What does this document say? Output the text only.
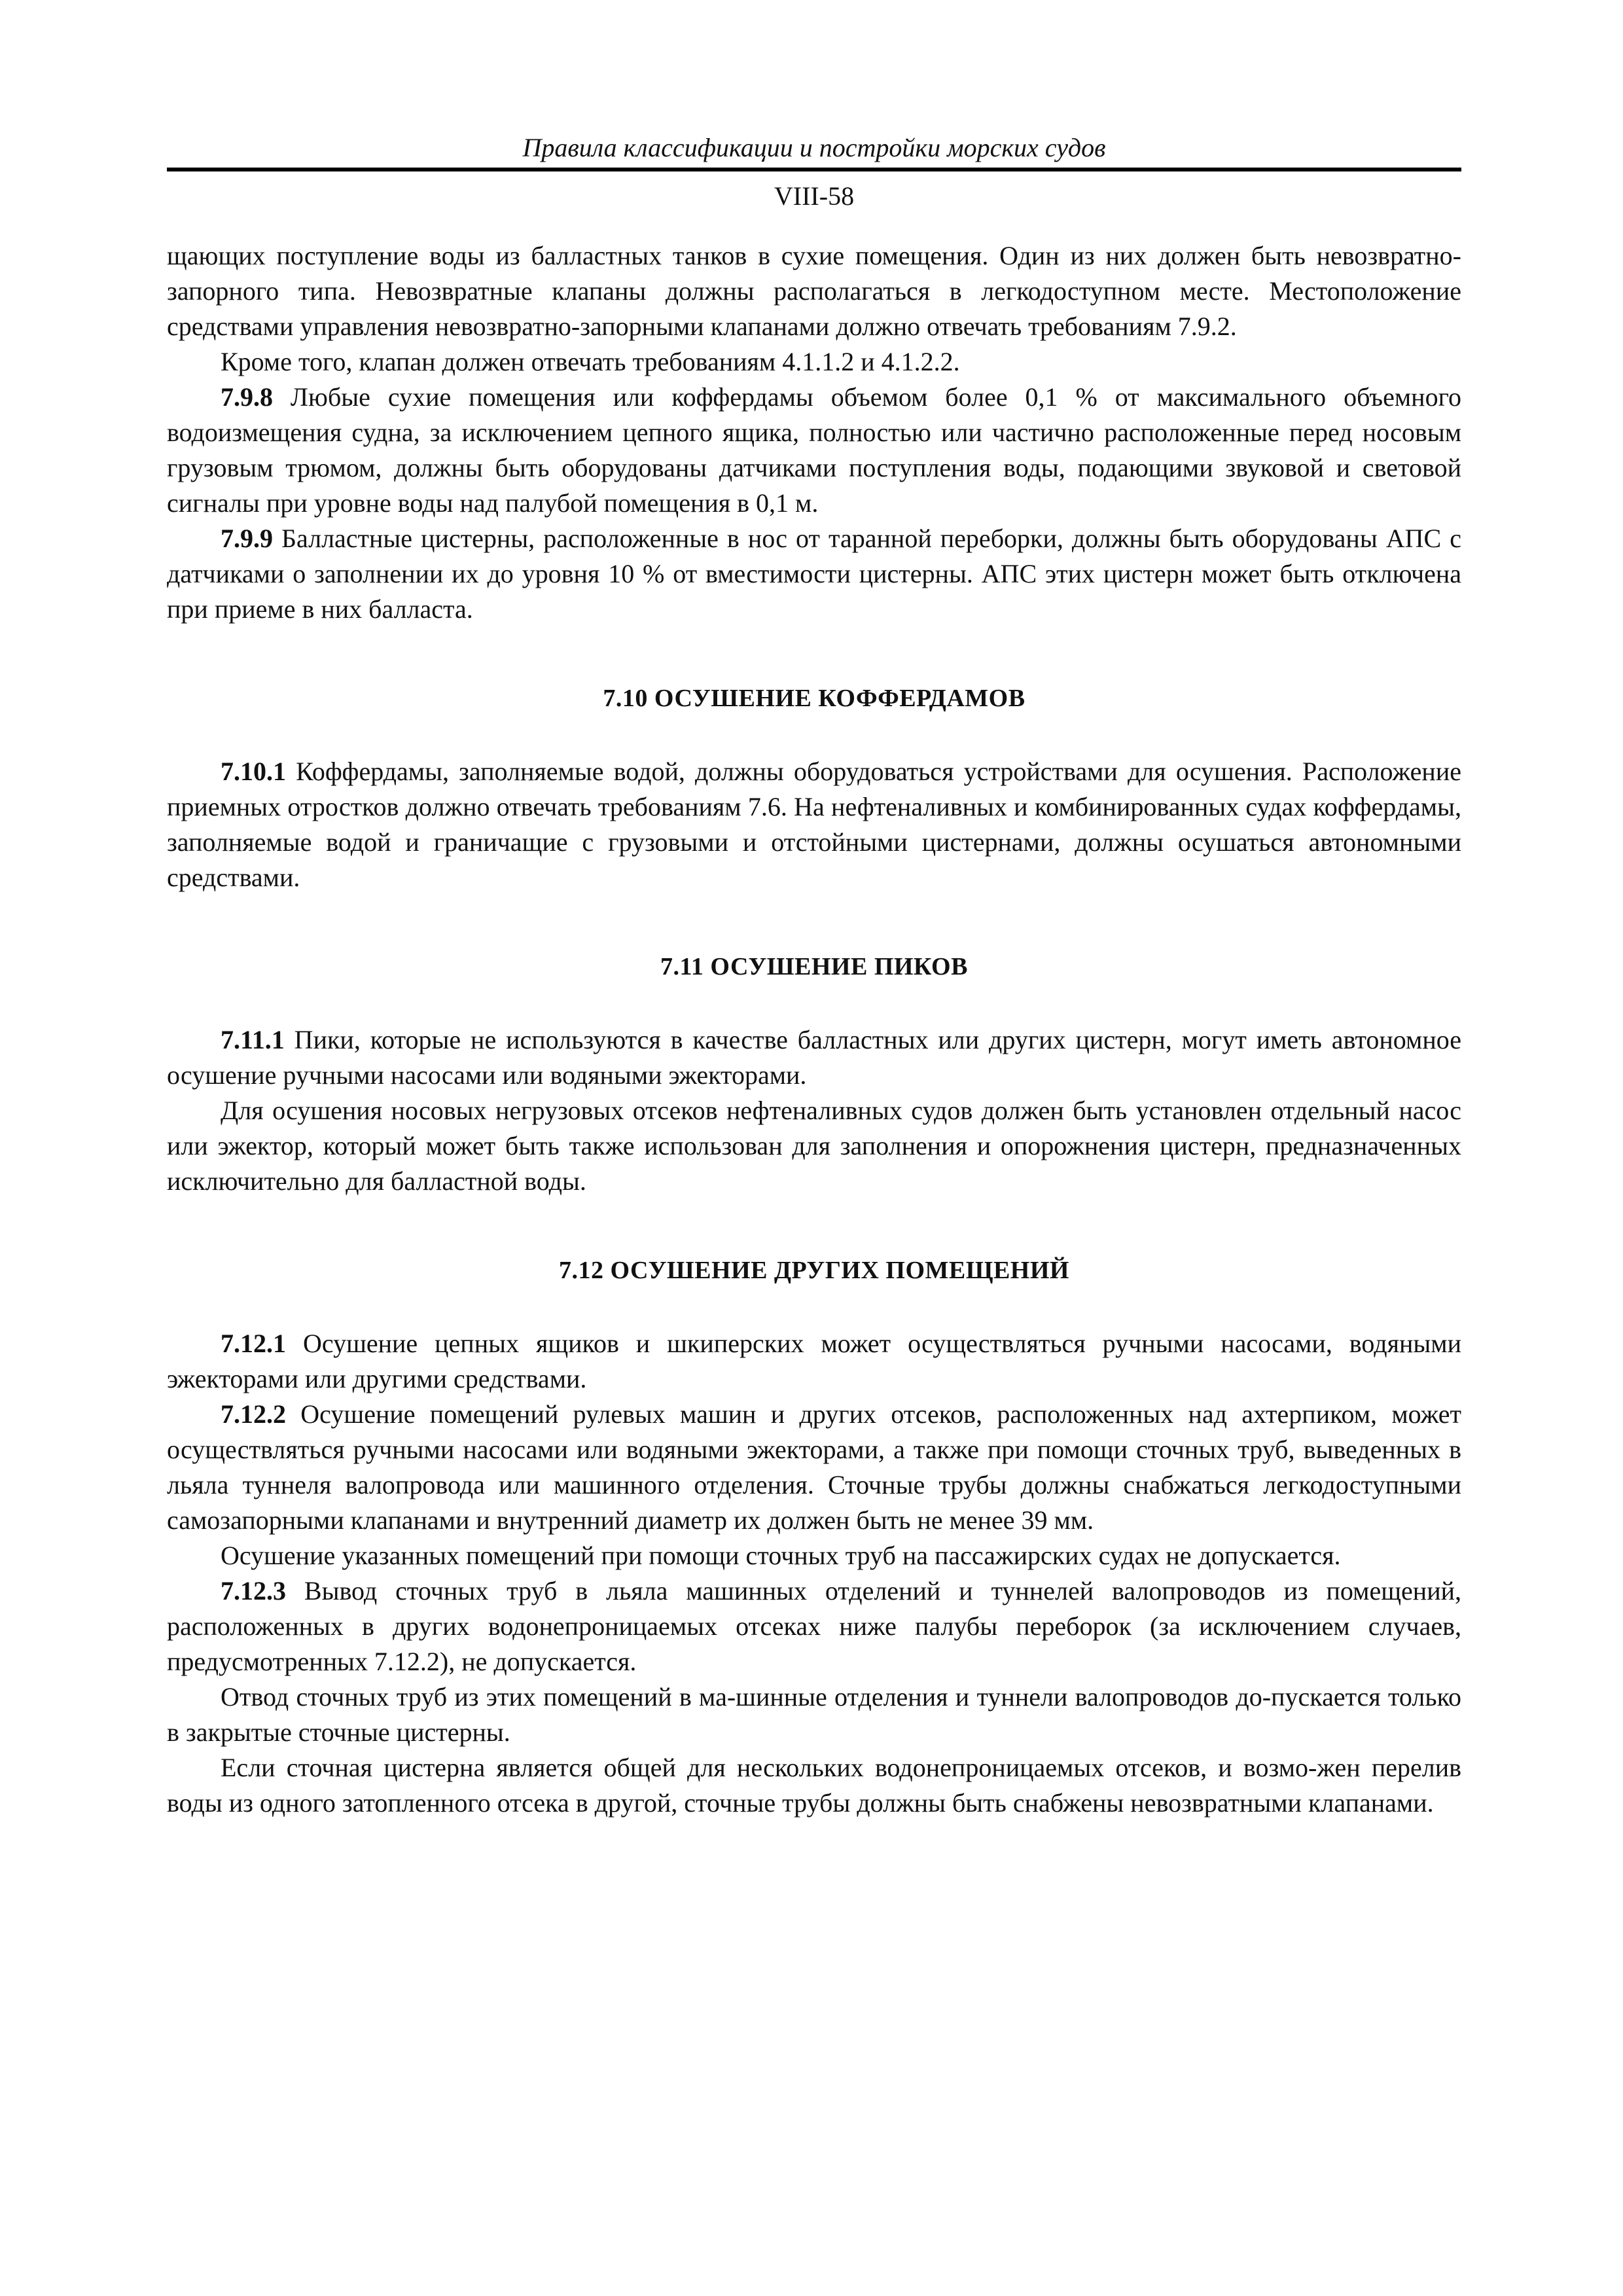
Правила классификации и постройки морских судов
VIII-58

щающих поступление воды из балластных танков в сухие помещения. Один из них должен быть невозвратно-запорного типа. Невозвратные клапаны должны располагаться в легкодоступном месте. Местоположение средствами управления невозвратно-запорными клапанами должно отвечать требованиям 7.9.2.

Кроме того, клапан должен отвечать требованиям 4.1.1.2 и 4.1.2.2.

7.9.8 Любые сухие помещения или коффердамы объемом более 0,1 % от максимального объемного водоизмещения судна, за исключением цепного ящика, полностью или частично расположенные перед носовым грузовым трюмом, должны быть оборудованы датчиками поступления воды, подающими звуковой и световой сигналы при уровне воды над палубой помещения в 0,1 м.

7.9.9 Балластные цистерны, расположенные в нос от таранной переборки, должны быть оборудованы АПС с датчиками о заполнении их до уровня 10 % от вместимости цистерны. АПС этих цистерн может быть отключена при приеме в них балласта.

7.10 ОСУШЕНИЕ КОФФЕРДАМОВ

7.10.1 Коффердамы, заполняемые водой, должны оборудоваться устройствами для осушения. Расположение приемных отростков должно отвечать требованиям 7.6. На нефтеналивных и комбинированных судах коффердамы, заполняемые водой и граничащие с грузовыми и отстойными цистернами, должны осушаться автономными средствами.

7.11 ОСУШЕНИЕ ПИКОВ

7.11.1 Пики, которые не используются в качестве балластных или других цистерн, могут иметь автономное осушение ручными насосами или водяными эжекторами.

Для осушения носовых негрузовых отсеков нефтеналивных судов должен быть установлен отдельный насос или эжектор, который может быть также использован для заполнения и опорожнения цистерн, предназначенных исключительно для балластной воды.

7.12 ОСУШЕНИЕ ДРУГИХ ПОМЕЩЕНИЙ

7.12.1 Осушение цепных ящиков и шкиперских может осуществляться ручными насосами, водяными эжекторами или другими средствами.

7.12.2 Осушение помещений рулевых машин и других отсеков, расположенных над ахтерпиком, может осуществляться ручными насосами или водяными эжекторами, а также при помощи сточных труб, выведенных в льяла туннеля валопровода или машинного отделения. Сточные трубы должны снабжаться легкодоступными самозапорными клапанами и внутренний диаметр их должен быть не менее 39 мм.

Осушение указанных помещений при помощи сточных труб на пассажирских судах не допускается.

7.12.3 Вывод сточных труб в льяла машинных отделений и туннелей валопроводов из помещений, расположенных в других водонепроницаемых отсеках ниже палубы переборок (за исключением случаев, предусмотренных 7.12.2), не допускается.

Отвод сточных труб из этих помещений в ма-шинные отделения и туннели валопроводов до-пускается только в закрытые сточные цистерны.

Если сточная цистерна является общей для нескольких водонепроницаемых отсеков, и возмо-жен перелив воды из одного затопленного отсека в другой, сточные трубы должны быть снабжены невозвратными клапанами.
